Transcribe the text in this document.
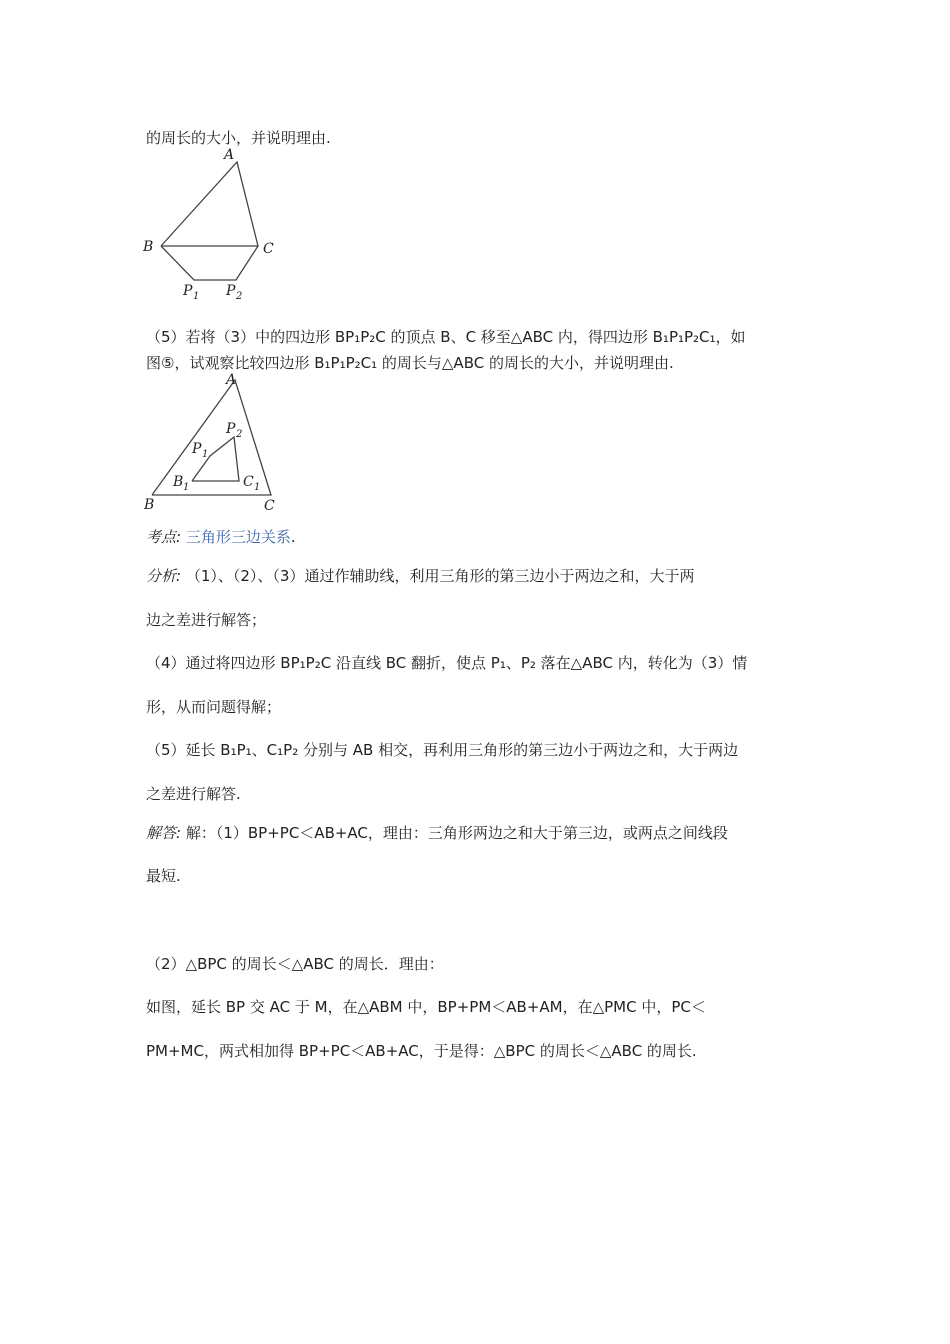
的周长的大小，并说明理由.
A
B	C
P 1 P 2
（5）若将（3）中的四边形 BP₁P₂C 的顶点 B、C 移至△ABC 内，得四边形 B₁P₁P₂C₁，如
图⑤，试观察比较四边形 B₁P₁P₂C₁ 的周长与△ABC 的周长的大小，并说明理由.
A
B	C
P 2
P 1
B 1	C 1
考点: 三角形三边关系.
分析: （1）、（2）、（3）通过作辅助线，利用三角形的第三边小于两边之和，大于两
边之差进行解答；
（4）通过将四边形 BP₁P₂C 沿直线 BC 翻折，使点 P₁、P₂ 落在△ABC 内，转化为（3）情
形，从而问题得解；
（5）延长 B₁P₁、C₁P₂ 分别与 AB 相交，再利用三角形的第三边小于两边之和，大于两边
之差进行解答.
解答: 解：（1）BP+PC＜AB+AC，理由：三角形两边之和大于第三边，或两点之间线段
最短.
（2）△BPC 的周长＜△ABC 的周长．理由：
如图，延长 BP 交 AC 于 M，在△ABM 中，BP+PM＜AB+AM，在△PMC 中，PC＜
PM+MC，两式相加得 BP+PC＜AB+AC，于是得：△BPC 的周长＜△ABC 的周长.
